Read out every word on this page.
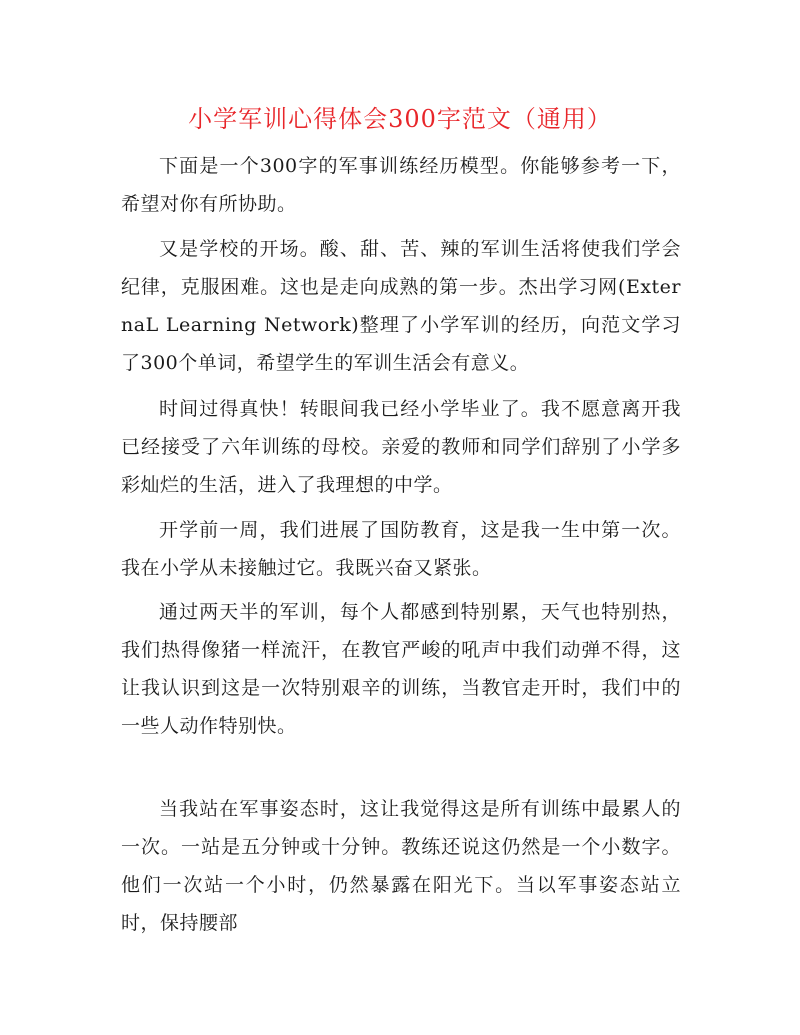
小学军训心得体会300字范文（通用）

下面是一个300字的军事训练经历模型。你能够参考一下，希望对你有所协助。

又是学校的开场。酸、甜、苦、辣的军训生活将使我们学会纪律，克服困难。这也是走向成熟的第一步。杰出学习网(ExternaL Learning Network)整理了小学军训的经历，向范文学习了300个单词，希望学生的军训生活会有意义。

时间过得真快！转眼间我已经小学毕业了。我不愿意离开我已经接受了六年训练的母校。亲爱的教师和同学们辞别了小学多彩灿烂的生活，进入了我理想的中学。

开学前一周，我们进展了国防教育，这是我一生中第一次。我在小学从未接触过它。我既兴奋又紧张。

通过两天半的军训，每个人都感到特别累，天气也特别热，我们热得像猪一样流汗，在教官严峻的吼声中我们动弹不得，这让我认识到这是一次特别艰辛的训练，当教官走开时，我们中的一些人动作特别快。

当我站在军事姿态时，这让我觉得这是所有训练中最累人的一次。一站是五分钟或十分钟。教练还说这仍然是一个小数字。他们一次站一个小时，仍然暴露在阳光下。当以军事姿态站立时，保持腰部
